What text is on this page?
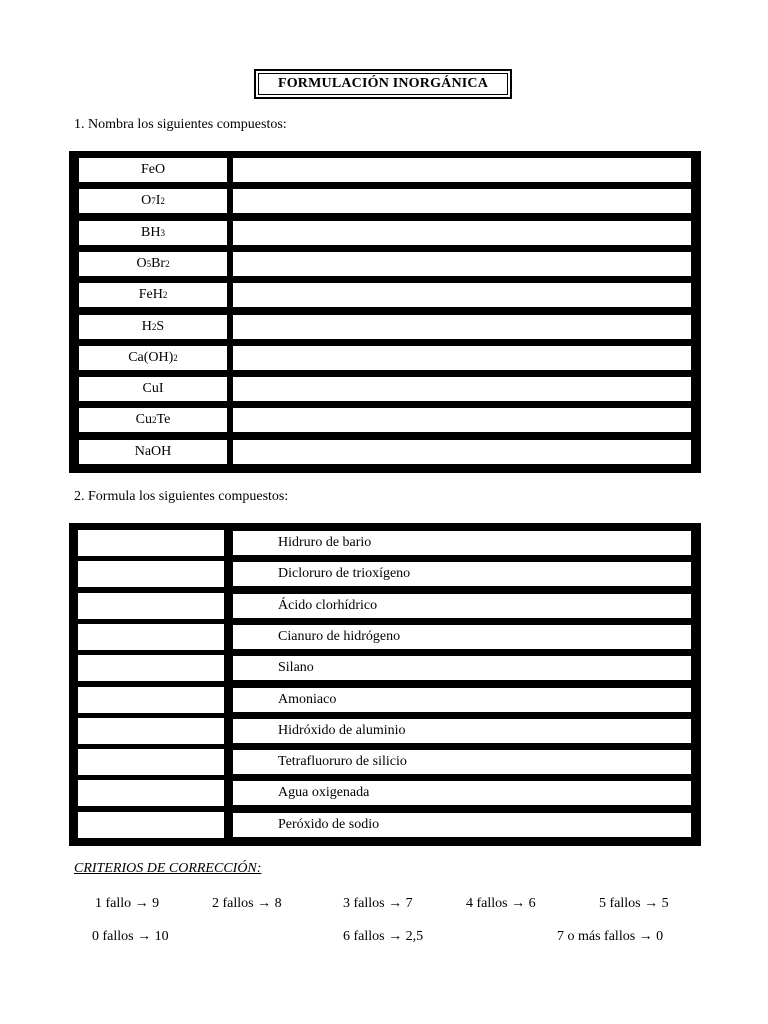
FORMULACIÓN INORGÁNICA
1. Nombra los siguientes compuestos:
FeO
O 7 I 2
BH 3
O 5 Br 2
FeH 2
H 2 S
Ca(OH) 2
CuI
Cu 2 Te
NaOH
2. Formula los siguientes compuestos:
Hidruro de bario
Dicloruro de trioxígeno
Ácido clorhídrico
Cianuro de hidrógeno
Silano
Amoniaco
Hidróxido de aluminio
Tetrafluoruro de silicio
Agua oxigenada
Peróxido de sodio
CRITERIOS DE CORRECCIÓN:
1 fallo → 9	2 fallos → 8	3 fallos → 7	4 fallos → 6	5 fallos → 5
0 fallos → 10	6 fallos → 2,5	7 o más fallos → 0
